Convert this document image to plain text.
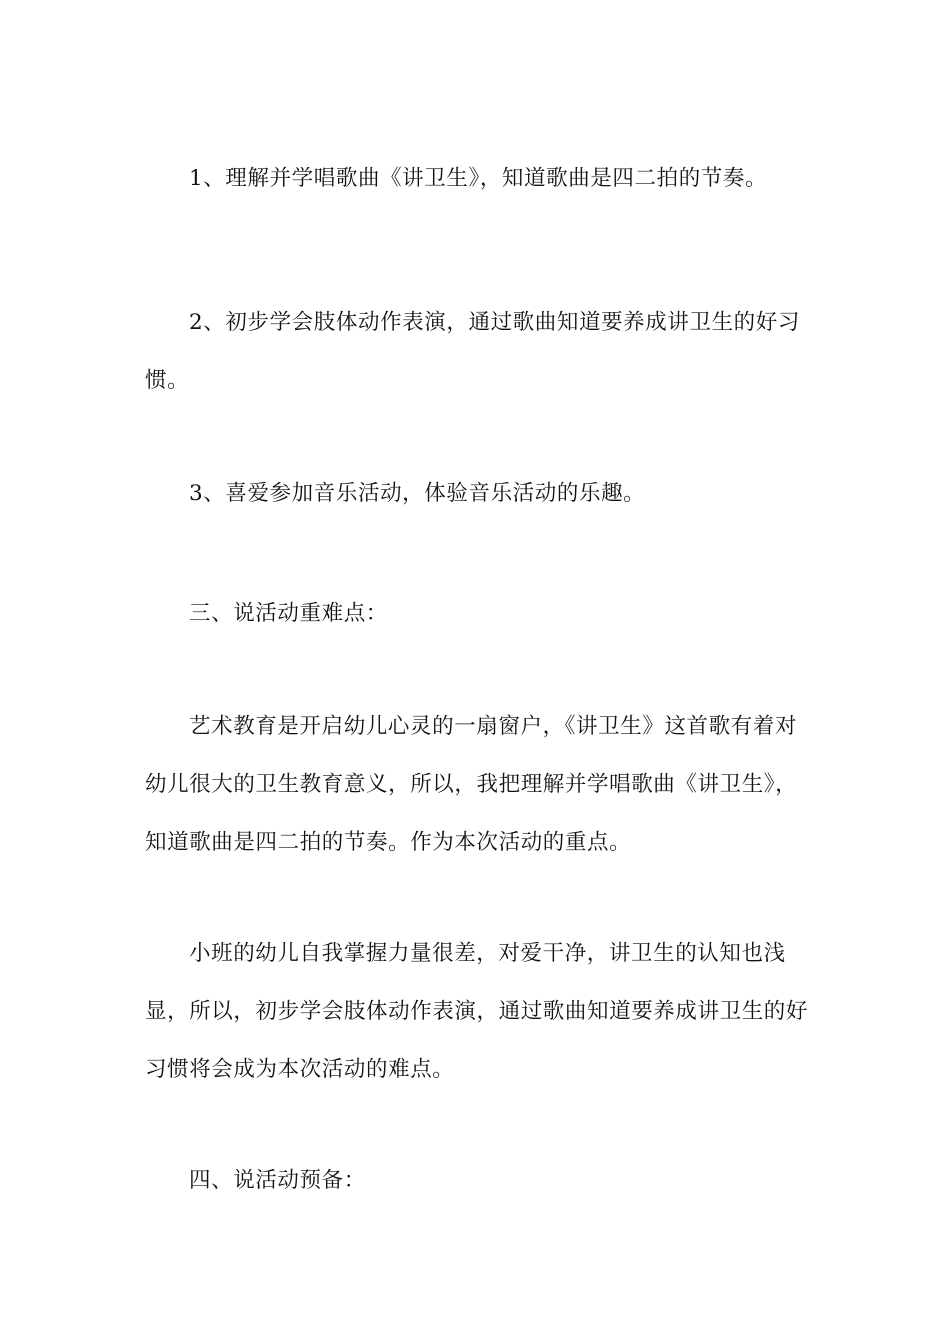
1、理解并学唱歌曲《讲卫生》，知道歌曲是四二拍的节奏。

2、初步学会肢体动作表演，通过歌曲知道要养成讲卫生的好习惯。

3、喜爱参加音乐活动，体验音乐活动的乐趣。

三、说活动重难点：

艺术教育是开启幼儿心灵的一扇窗户，《讲卫生》这首歌有着对幼儿很大的卫生教育意义，所以，我把理解并学唱歌曲《讲卫生》，知道歌曲是四二拍的节奏。作为本次活动的重点。

小班的幼儿自我掌握力量很差，对爱干净，讲卫生的认知也浅显，所以，初步学会肢体动作表演，通过歌曲知道要养成讲卫生的好习惯将会成为本次活动的难点。

四、说活动预备：
